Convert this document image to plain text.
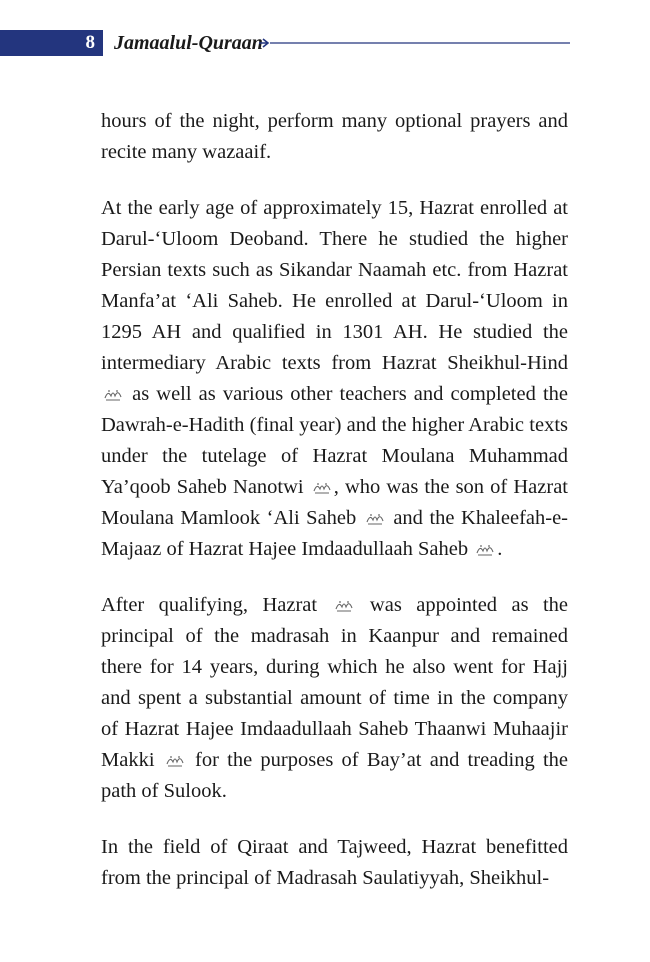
8 Jamaalul-Quraan

hours of the night, perform many optional prayers and recite many wazaaif.

At the early age of approximately 15, Hazrat enrolled at Darul-‘Uloom Deoband. There he studied the higher Persian texts such as Sikandar Naamah etc. from Hazrat Manfa’at ‘Ali Saheb. He enrolled at Darul-‘Uloom in 1295 AH and qualified in 1301 AH. He studied the intermediary Arabic texts from Hazrat Sheikhul-Hind  as well as various other teachers and completed the Dawrah-e-Hadith (final year) and the higher Arabic texts under the tutelage of Hazrat Moulana Muhammad Ya’qoob Saheb Nanotwi , who was the son of Hazrat Moulana Mamlook ‘Ali Saheb  and the Khaleefah-e-Majaaz of Hazrat Hajee Imdaadullaah Saheb .

After qualifying, Hazrat  was appointed as the principal of the madrasah in Kaanpur and remained there for 14 years, during which he also went for Hajj and spent a substantial amount of time in the company of Hazrat Hajee Imdaadullaah Saheb Thaanwi Muhaajir Makki  for the purposes of Bay’at and treading the path of Sulook.

In the field of Qiraat and Tajweed, Hazrat benefitted from the principal of Madrasah Saulatiyyah, Sheikhul-
